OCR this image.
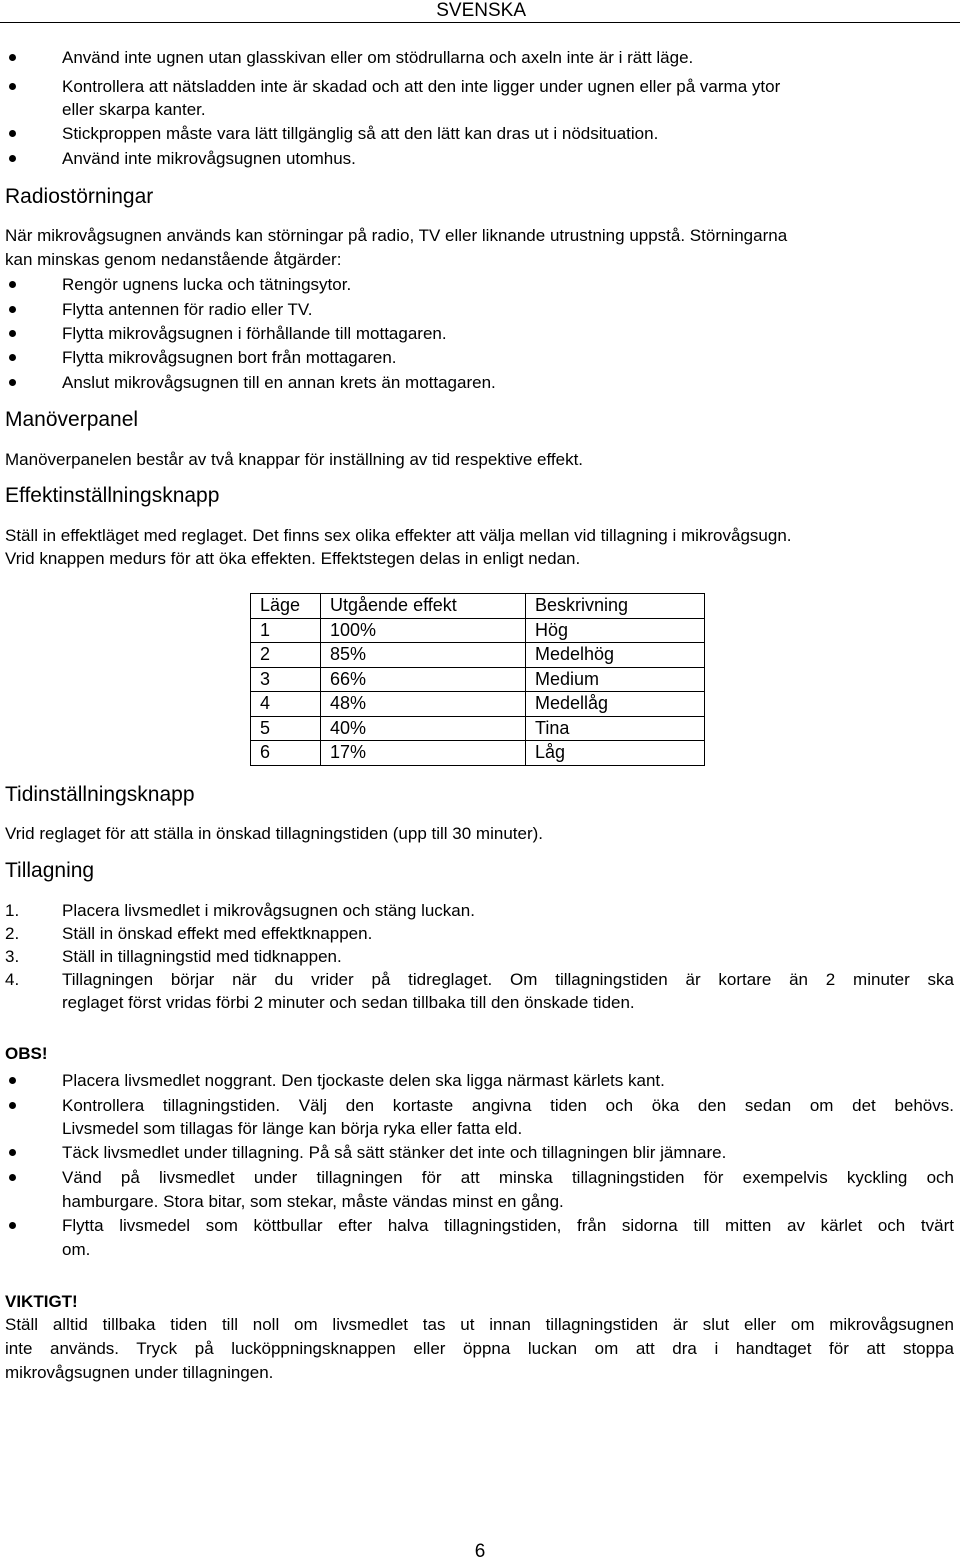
SVENSKA
Använd inte ugnen utan glasskivan eller om stödrullarna och axeln inte är i rätt läge.
Kontrollera att nätsladden inte är skadad och att den inte ligger under ugnen eller på varma ytor
eller skarpa kanter.
Stickproppen måste vara lätt tillgänglig så att den lätt kan dras ut i nödsituation.
Använd inte mikrovågsugnen utomhus.
Radiostörningar
När mikrovågsugnen används kan störningar på radio, TV eller liknande utrustning uppstå. Störningarna
kan minskas genom nedanstående åtgärder:
Rengör ugnens lucka och tätningsytor.
Flytta antennen för radio eller TV.
Flytta mikrovågsugnen i förhållande till mottagaren.
Flytta mikrovågsugnen bort från mottagaren.
Anslut mikrovågsugnen till en annan krets än mottagaren.
Manöverpanel
Manöverpanelen består av två knappar för inställning av tid respektive effekt.
Effektinställningsknapp
Ställ in effektläget med reglaget. Det finns sex olika effekter att välja mellan vid tillagning i mikrovågsugn.
Vrid knappen medurs för att öka effekten. Effektstegen delas in enligt nedan.
Läge	Utgående effekt	Beskrivning
1	100%	Hög
2	85%	Medelhög
3	66%	Medium
4	48%	Medellåg
5	40%	Tina
6	17%	Låg
Tidinställningsknapp
Vrid reglaget för att ställa in önskad tillagningstiden (upp till 30 minuter).
Tillagning
1.	Placera livsmedlet i mikrovågsugnen och stäng luckan.
2.	Ställ in önskad effekt med effektknappen.
3.	Ställ in tillagningstid med tidknappen.
4.	Tillagningen börjar när du vrider på tidreglaget. Om tillagningstiden är kortare än 2 minuter ska
reglaget först vridas förbi 2 minuter och sedan tillbaka till den önskade tiden.
OBS!
Placera livsmedlet noggrant. Den tjockaste delen ska ligga närmast kärlets kant.
Kontrollera tillagningstiden. Välj den kortaste angivna tiden och öka den sedan om det behövs.
Livsmedel som tillagas för länge kan börja ryka eller fatta eld.
Täck livsmedlet under tillagning. På så sätt stänker det inte och tillagningen blir jämnare.
Vänd på livsmedlet under tillagningen för att minska tillagningstiden för exempelvis kyckling och
hamburgare. Stora bitar, som stekar, måste vändas minst en gång.
Flytta livsmedel som köttbullar efter halva tillagningstiden, från sidorna till mitten av kärlet och tvärt
om.
VIKTIGT!
Ställ alltid tillbaka tiden till noll om livsmedlet tas ut innan tillagningstiden är slut eller om mikrovågsugnen
inte används. Tryck på lucköppningsknappen eller öppna luckan om att dra i handtaget för att stoppa
mikrovågsugnen under tillagningen.
6
